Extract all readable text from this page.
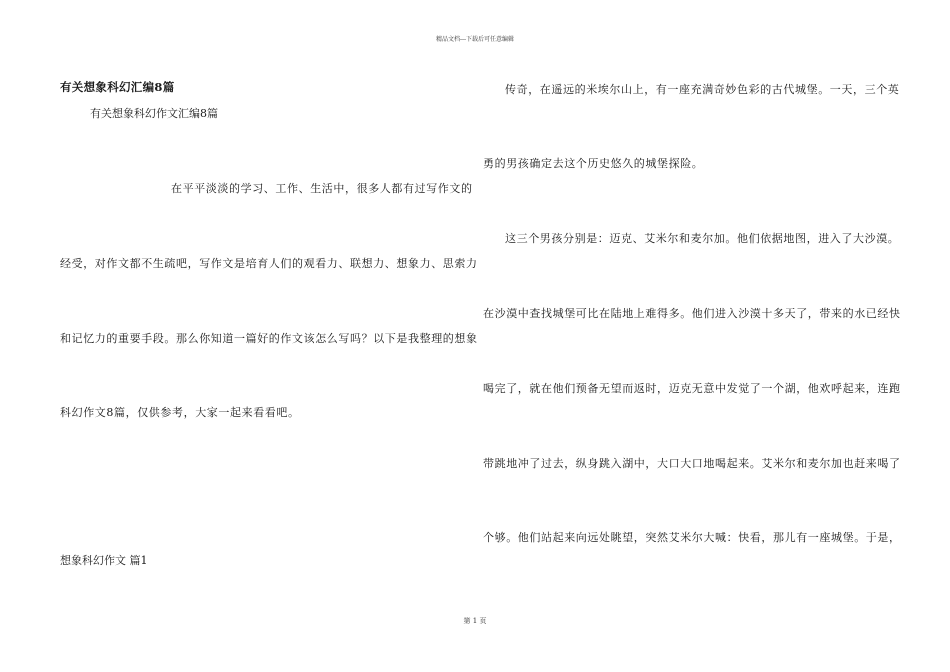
精品文档---下载后可任意编辑
有关想象科幻汇编8篇
有关想象科幻作文汇编8篇
在平平淡淡的学习、工作、生活中，很多人都有过写作文的
经受，对作文都不生疏吧，写作文是培育人们的观看力、联想力、想象力、思索力
和记忆力的重要手段。那么你知道一篇好的作文该怎么写吗？以下是我整理的想象
科幻作文8篇，仅供参考，大家一起来看看吧。
想象科幻作文 篇1
传奇，在遥远的米埃尔山上，有一座充满奇妙色彩的古代城堡。一天，三个英
勇的男孩确定去这个历史悠久的城堡探险。
这三个男孩分别是：迈克、艾米尔和麦尔加。他们依据地图，进入了大沙漠。
在沙漠中查找城堡可比在陆地上难得多。他们进入沙漠十多天了，带来的水已经快
喝完了，就在他们预备无望而返时，迈克无意中发觉了一个湖，他欢呼起来，连跑
带跳地冲了过去，纵身跳入湖中，大口大口地喝起来。艾米尔和麦尔加也赶来喝了
个够。他们站起来向远处眺望，突然艾米尔大喊：快看，那儿有一座城堡。于是，
第 1 页
